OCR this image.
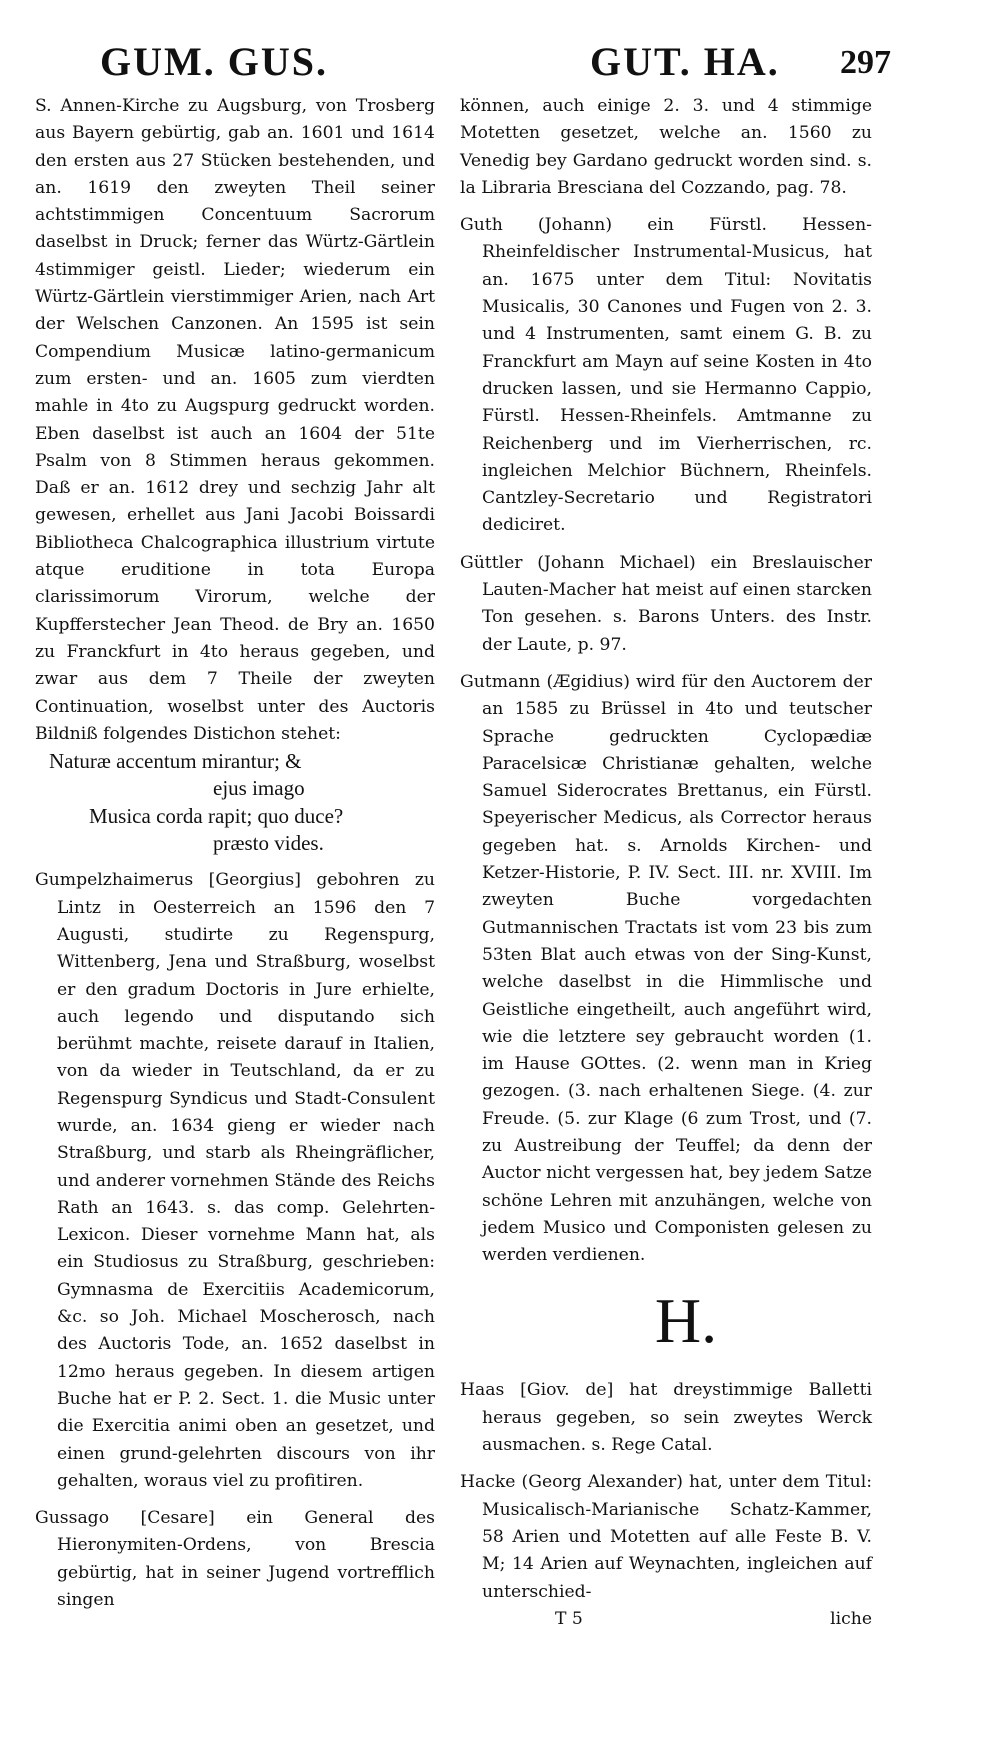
GUM. GUS.	GUT. HA. 297

S. Annen-Kirche zu Augsburg, von Trosberg aus Bayern gebürtig, gab an. 1601 und 1614 den ersten aus 27 Stücken bestehenden, und an. 1619 den zweyten Theil seiner achtstimmigen Concentuum Sacrorum daselbst in Druck; ferner das Würtz-Gärtlein 4stimmiger geistl. Lieder; wiederum ein Würtz-Gärtlein vierstimmiger Arien, nach Art der Welschen Canzonen. An 1595 ist sein Compendium Musicæ latino-germanicum zum ersten- und an. 1605 zum vierdten mahle in 4to zu Augspurg gedruckt worden. Eben daselbst ist auch an 1604 der 51te Psalm von 8 Stimmen heraus gekommen. Daß er an. 1612 drey und sechzig Jahr alt gewesen, erhellet aus Jani Jacobi Boissardi Bibliotheca Chalcographica illustrium virtute atque eruditione in tota Europa clarissimorum Virorum, welche der Kupfferstecher Jean Theod. de Bry an. 1650 zu Franckfurt in 4to heraus gegeben, und zwar aus dem 7 Theile der zweyten Continuation, woselbst unter des Auctoris Bildniß folgendes Distichon stehet:

Naturæ accentum mirantur; &
ejus imago
Musica corda rapit; quo duce?
præsto vides.

Gumpelzhaimerus [Georgius] gebohren zu Lintz in Oesterreich an 1596 den 7 Augusti, studirte zu Regenspurg, Wittenberg, Jena und Straßburg, woselbst er den gradum Doctoris in Jure erhielte, auch legendo und disputando sich berühmt machte, reisete darauf in Italien, von da wieder in Teutschland, da er zu Regenspurg Syndicus und Stadt-Consulent wurde, an. 1634 gieng er wieder nach Straßburg, und starb als Rheingräflicher, und anderer vornehmen Stände des Reichs Rath an 1643. s. das comp. Gelehrten-Lexicon. Dieser vornehme Mann hat, als ein Studiosus zu Straßburg, geschrieben: Gymnasma de Exercitiis Academicorum, &c. so Joh. Michael Moscherosch, nach des Auctoris Tode, an. 1652 daselbst in 12mo heraus gegeben. In diesem artigen Buche hat er P. 2. Sect. 1. die Music unter die Exercitia animi oben an gesetzet, und einen grund-gelehrten discours von ihr gehalten, woraus viel zu profitiren.

Gussago [Cesare] ein General des Hieronymiten-Ordens, von Brescia gebürtig, hat in seiner Jugend vortrefflich singen

können, auch einige 2. 3. und 4 stimmige Motetten gesetzet, welche an. 1560 zu Venedig bey Gardano gedruckt worden sind. s. la Libraria Bresciana del Cozzando, pag. 78.

Guth (Johann) ein Fürstl. Hessen-Rheinfeldischer Instrumental-Musicus, hat an. 1675 unter dem Titul: Novitatis Musicalis, 30 Canones und Fugen von 2. 3. und 4 Instrumenten, samt einem G. B. zu Franckfurt am Mayn auf seine Kosten in 4to drucken lassen, und sie Hermanno Cappio, Fürstl. Hessen-Rheinfels. Amtmanne zu Reichenberg und im Vierherrischen, rc. ingleichen Melchior Büchnern, Rheinfels. Cantzley-Secretario und Registratori dediciret.

Güttler (Johann Michael) ein Breslauischer Lauten-Macher hat meist auf einen starcken Ton gesehen. s. Barons Unters. des Instr. der Laute, p. 97.

Gutmann (Ægidius) wird für den Auctorem der an 1585 zu Brüssel in 4to und teutscher Sprache gedruckten Cyclopædiæ Paracelsicæ Christianæ gehalten, welche Samuel Siderocrates Brettanus, ein Fürstl. Speyerischer Medicus, als Corrector heraus gegeben hat. s. Arnolds Kirchen- und Ketzer-Historie, P. IV. Sect. III. nr. XVIII. Im zweyten Buche vorgedachten Gutmannischen Tractats ist vom 23 bis zum 53ten Blat auch etwas von der Sing-Kunst, welche daselbst in die Himmlische und Geistliche eingetheilt, auch angeführt wird, wie die letztere sey gebraucht worden (1. im Hause GOttes. (2. wenn man in Krieg gezogen. (3. nach erhaltenen Siege. (4. zur Freude. (5. zur Klage (6 zum Trost, und (7. zu Austreibung der Teuffel; da denn der Auctor nicht vergessen hat, bey jedem Satze schöne Lehren mit anzuhängen, welche von jedem Musico und Componisten gelesen zu werden verdienen.

H.

Haas [Giov. de] hat dreystimmige Balletti heraus gegeben, so sein zweytes Werck ausmachen. s. Rege Catal.

Hacke (Georg Alexander) hat, unter dem Titul: Musicalisch-Marianische Schatz-Kammer, 58 Arien und Motetten auf alle Feste B. V. M; 14 Arien auf Weynachten, ingleichen auf unterschied-

T 5	liche
